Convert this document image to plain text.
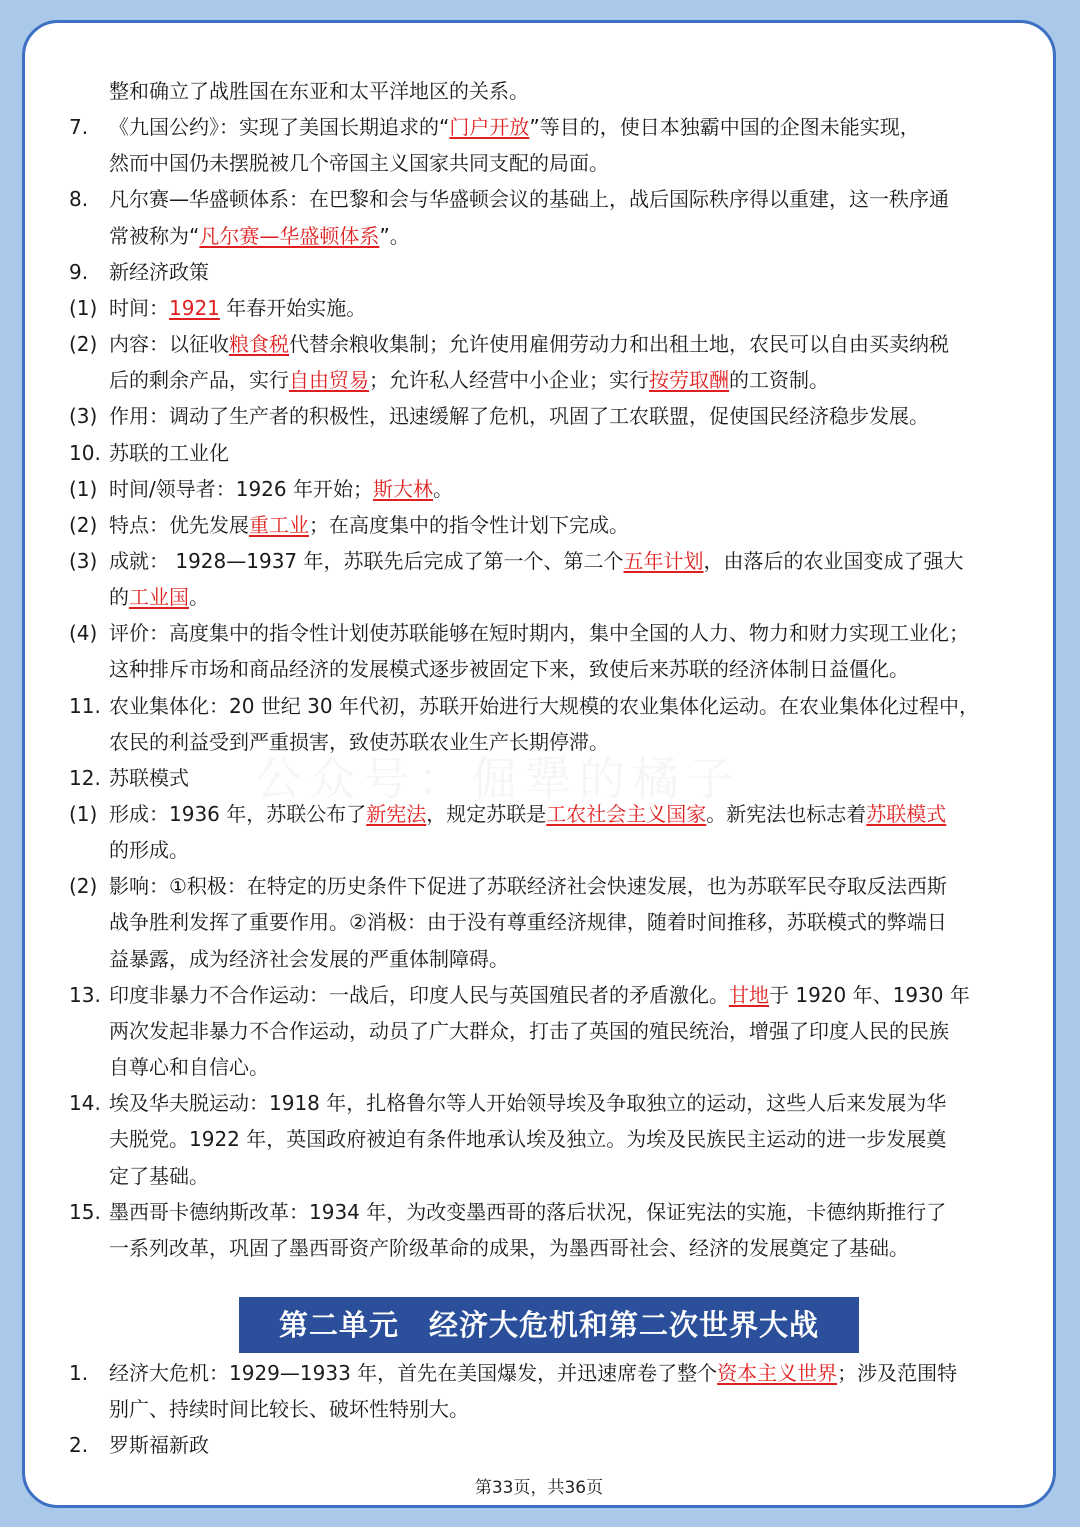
公众号：倔犟的橘子
整和确立了战胜国在东亚和太平洋地区的关系。
7.	《九国公约》：实现了美国长期追求的“门户开放”等目的，使日本独霸中国的企图未能实现，
然而中国仍未摆脱被几个帝国主义国家共同支配的局面。
8.	凡尔赛—华盛顿体系：在巴黎和会与华盛顿会议的基础上，战后国际秩序得以重建，这一秩序通
常被称为“凡尔赛—华盛顿体系”。
9.	新经济政策
(1) 时间：1921 年春开始实施。
(2) 内容：以征收粮食税代替余粮收集制；允许使用雇佣劳动力和出租土地，农民可以自由买卖纳税
后的剩余产品，实行自由贸易；允许私人经营中小企业；实行按劳取酬的工资制。
(3) 作用：调动了生产者的积极性，迅速缓解了危机，巩固了工农联盟，促使国民经济稳步发展。
10. 苏联的工业化
(1) 时间/领导者：1926 年开始；斯大林。
(2) 特点：优先发展重工业；在高度集中的指令性计划下完成。
(3) 成就： 1928—1937 年，苏联先后完成了第一个、第二个五年计划，由落后的农业国变成了强大
的工业国。
(4) 评价：高度集中的指令性计划使苏联能够在短时期内，集中全国的人力、物力和财力实现工业化；
这种排斥市场和商品经济的发展模式逐步被固定下来，致使后来苏联的经济体制日益僵化。
11. 农业集体化：20 世纪 30 年代初，苏联开始进行大规模的农业集体化运动。在农业集体化过程中，
农民的利益受到严重损害，致使苏联农业生产长期停滞。
12. 苏联模式
(1) 形成：1936 年，苏联公布了新宪法，规定苏联是工农社会主义国家。新宪法也标志着苏联模式
的形成。
(2) 影响：①积极：在特定的历史条件下促进了苏联经济社会快速发展，也为苏联军民夺取反法西斯
战争胜利发挥了重要作用。②消极：由于没有尊重经济规律，随着时间推移，苏联模式的弊端日
益暴露，成为经济社会发展的严重体制障碍。
13. 印度非暴力不合作运动：一战后，印度人民与英国殖民者的矛盾激化。甘地于 1920 年、1930 年
两次发起非暴力不合作运动，动员了广大群众，打击了英国的殖民统治，增强了印度人民的民族
自尊心和自信心。
14. 埃及华夫脱运动：1918 年，扎格鲁尔等人开始领导埃及争取独立的运动，这些人后来发展为华
夫脱党。1922 年，英国政府被迫有条件地承认埃及独立。为埃及民族民主运动的进一步发展奠
定了基础。
15. 墨西哥卡德纳斯改革：1934 年，为改变墨西哥的落后状况，保证宪法的实施，卡德纳斯推行了
一系列改革，巩固了墨西哥资产阶级革命的成果，为墨西哥社会、经济的发展奠定了基础。
第二单元　经济大危机和第二次世界大战
1.	经济大危机：1929—1933 年，首先在美国爆发，并迅速席卷了整个资本主义世界；涉及范围特
别广、持续时间比较长、破坏性特别大。
2.	罗斯福新政
第33页，共36页
